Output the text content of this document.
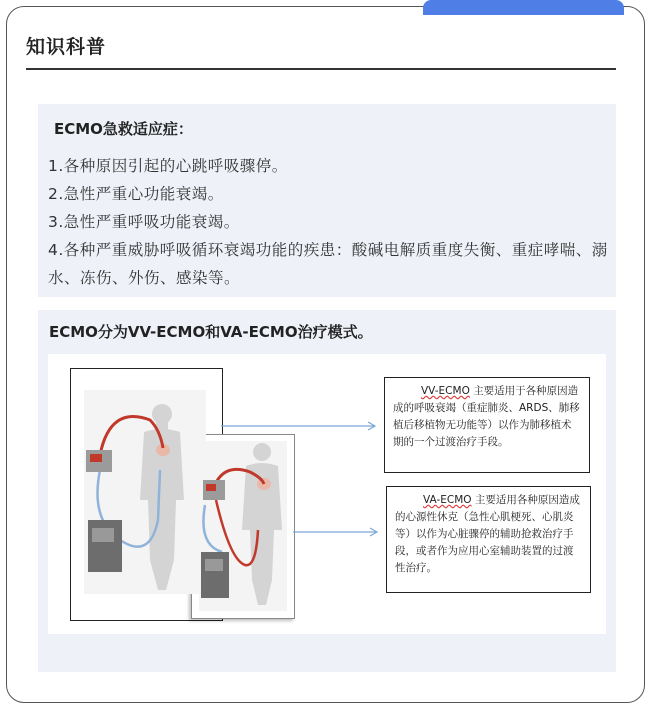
知识科普
ECMO急救适应症：
1.各种原因引起的心跳呼吸骤停。
2.急性严重心功能衰竭。
3.急性严重呼吸功能衰竭。
4.各种严重威胁呼吸循环衰竭功能的疾患：酸碱电解质重度失衡、重症哮喘、溺水、冻伤、外伤、感染等。
ECMO分为VV-ECMO和VA-ECMO治疗模式。
VV-ECMO 主要适用于各种原因造成的呼吸衰竭（重症肺炎、ARDS、肺移植后移植物无功能等）以作为肺移植术期的一个过渡治疗手段。
VA-ECMO 主要适用各种原因造成的心源性休克（急性心肌梗死、心肌炎等）以作为心脏骤停的辅助抢救治疗手段，或者作为应用心室辅助装置的过渡性治疗。
